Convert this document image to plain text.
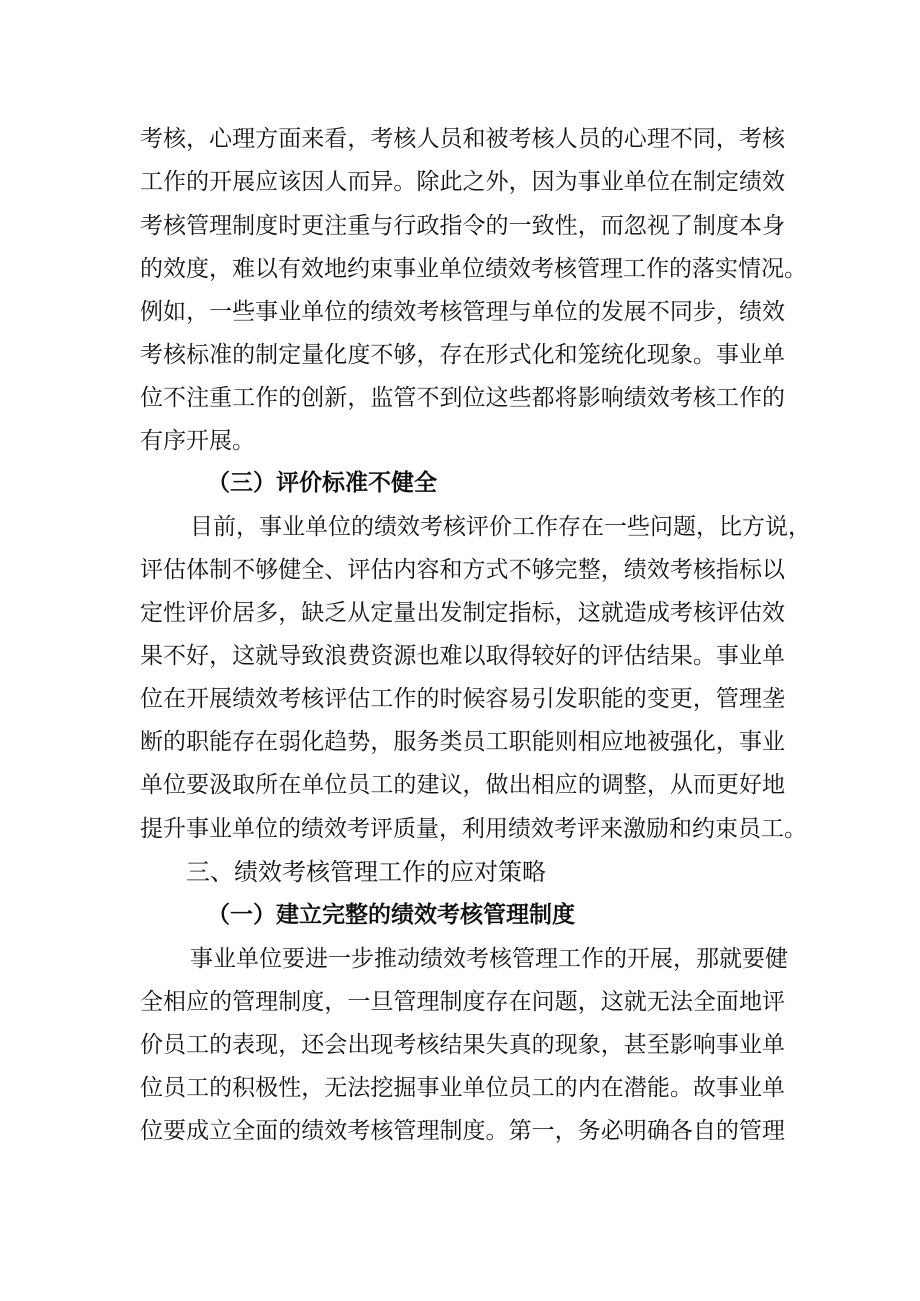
考核，心理方面来看，考核人员和被考核人员的心理不同，考核
工作的开展应该因人而异。除此之外，因为事业单位在制定绩效
考核管理制度时更注重与行政指令的一致性，而忽视了制度本身
的效度，难以有效地约束事业单位绩效考核管理工作的落实情况。
例如，一些事业单位的绩效考核管理与单位的发展不同步，绩效
考核标准的制定量化度不够，存在形式化和笼统化现象。事业单
位不注重工作的创新，监管不到位这些都将影响绩效考核工作的
有序开展。
（三）评价标准不健全
目前，事业单位的绩效考核评价工作存在一些问题，比方说，
评估体制不够健全、评估内容和方式不够完整，绩效考核指标以
定性评价居多，缺乏从定量出发制定指标，这就造成考核评估效
果不好，这就导致浪费资源也难以取得较好的评估结果。事业单
位在开展绩效考核评估工作的时候容易引发职能的变更，管理垄
断的职能存在弱化趋势，服务类员工职能则相应地被强化，事业
单位要汲取所在单位员工的建议，做出相应的调整，从而更好地
提升事业单位的绩效考评质量，利用绩效考评来激励和约束员工。
三、绩效考核管理工作的应对策略
（一）建立完整的绩效考核管理制度
事业单位要进一步推动绩效考核管理工作的开展，那就要健
全相应的管理制度，一旦管理制度存在问题，这就无法全面地评
价员工的表现，还会出现考核结果失真的现象，甚至影响事业单
位员工的积极性，无法挖掘事业单位员工的内在潜能。故事业单
位要成立全面的绩效考核管理制度。第一，务必明确各自的管理
